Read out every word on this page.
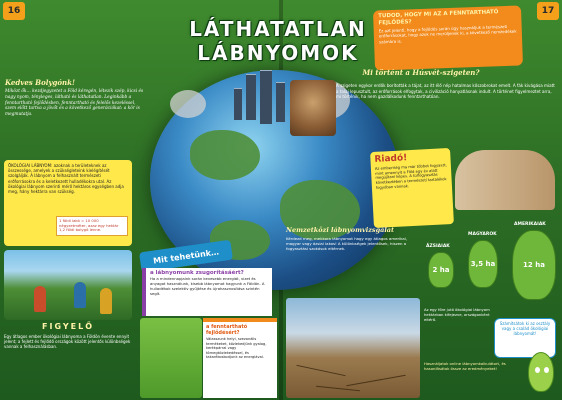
16	17
LÁTHATATLAN LÁBNYOMOK
TUDOD, HOGY MI AZ A FENNTARTHATÓ FEJLŐDÉS?

Ez azt jelenti, hogy a fejlődés során úgy használjuk a természeti erőforrásokat, hogy azok ne merüljenek ki, a következő nemzedékek számára is.

Kedves Bolygónk!

Miközt ők… kezdjegyzetet a Föld kéregén, létezik szép, kicsi és nagy nyom, tényleges, látható és láthatatlan. Leginkább a fenntartható fejlődésben, fenntartható és felelős kezeléssel, szem előtt tartva a jövőt és a következő generációkat: a kör is megmutatja.

ÖKOLÓGIAI LÁBNYOM: azoknak a területeknek az összessége, amelyek a szükségleteink kielégítését szolgálják. A lábnyom a felhasznált természeti erőforrásokra és a keletkezett hulladékokra utal. Az ökológiai lábnyom szerinti mérő hektáros egységben adja meg, hány hektárra van szükség.

1 földi lakó = 10 000 négyzetméter, azaz egy hektár 1,2 földi bolygó lenne.
FIGYELŐ

Egy átlagos ember ökológiai lábnyoma a Földön évente ennyit jelent; a fejlett és fejlődő országok között jelentős különbségek vannak a felhasználásban.

Mit tehetünk…
a lábnyomunk zsugorításáért?

Ha a mindennapjaink során kevesebb energiát, vizet és anyagot használunk, kisebb lábnyomot hagyunk a Földön. A hulladékok szelektív gyűjtése és újrahasznosítása szintén segít.

a fenntartható fejlődésért?

Válasszunk helyi, szezonális termékeket, közlekedjünk gyalog, kerékpárral vagy tömegközlekedéssel, és takarékoskodjunk az energiával.

Mi történt a Húsvét-szigeten?

A szigeten egykor erdők borították a tájat, az itt élő nép hatalmas kőszobrokat emelt. A fák kivágása miatt a talaj lepusztult, az erőforrások elfogytak, a civilizáció hanyatlásnak indult. A történet figyelmeztet arra, mi történik, ha nem gazdálkodunk fenntarthatóan.

Riadó!

Az emberiség ma már többet fogyaszt, mint amennyit a Föld egy év alatt megújítani képes. A túlfogyasztás következtében a természeti tartalékok fogyóban vannak.

Nemzetközi lábnyomvizsgálat

Kérdezd meg, mekkora lábnyomot hagy egy átlagos amerikai, magyar vagy ázsiai lakos! A különbségek jelentősek, hiszen a fogyasztási szokások eltérnek.	ÁZSIAIAK
MAGYAROK
AMERIKAIAK
2 ha
3,5 ha	12 ha
Az egy főre jutó ökológiai lábnyom hektárban kifejezve, országonként eltérő.

Számítsátok ki az osztály vagy a család ökológiai lábnyomát!

Használjatok online lábnyomkalkulátort, és hasonlítsátok össze az eredményeket!
